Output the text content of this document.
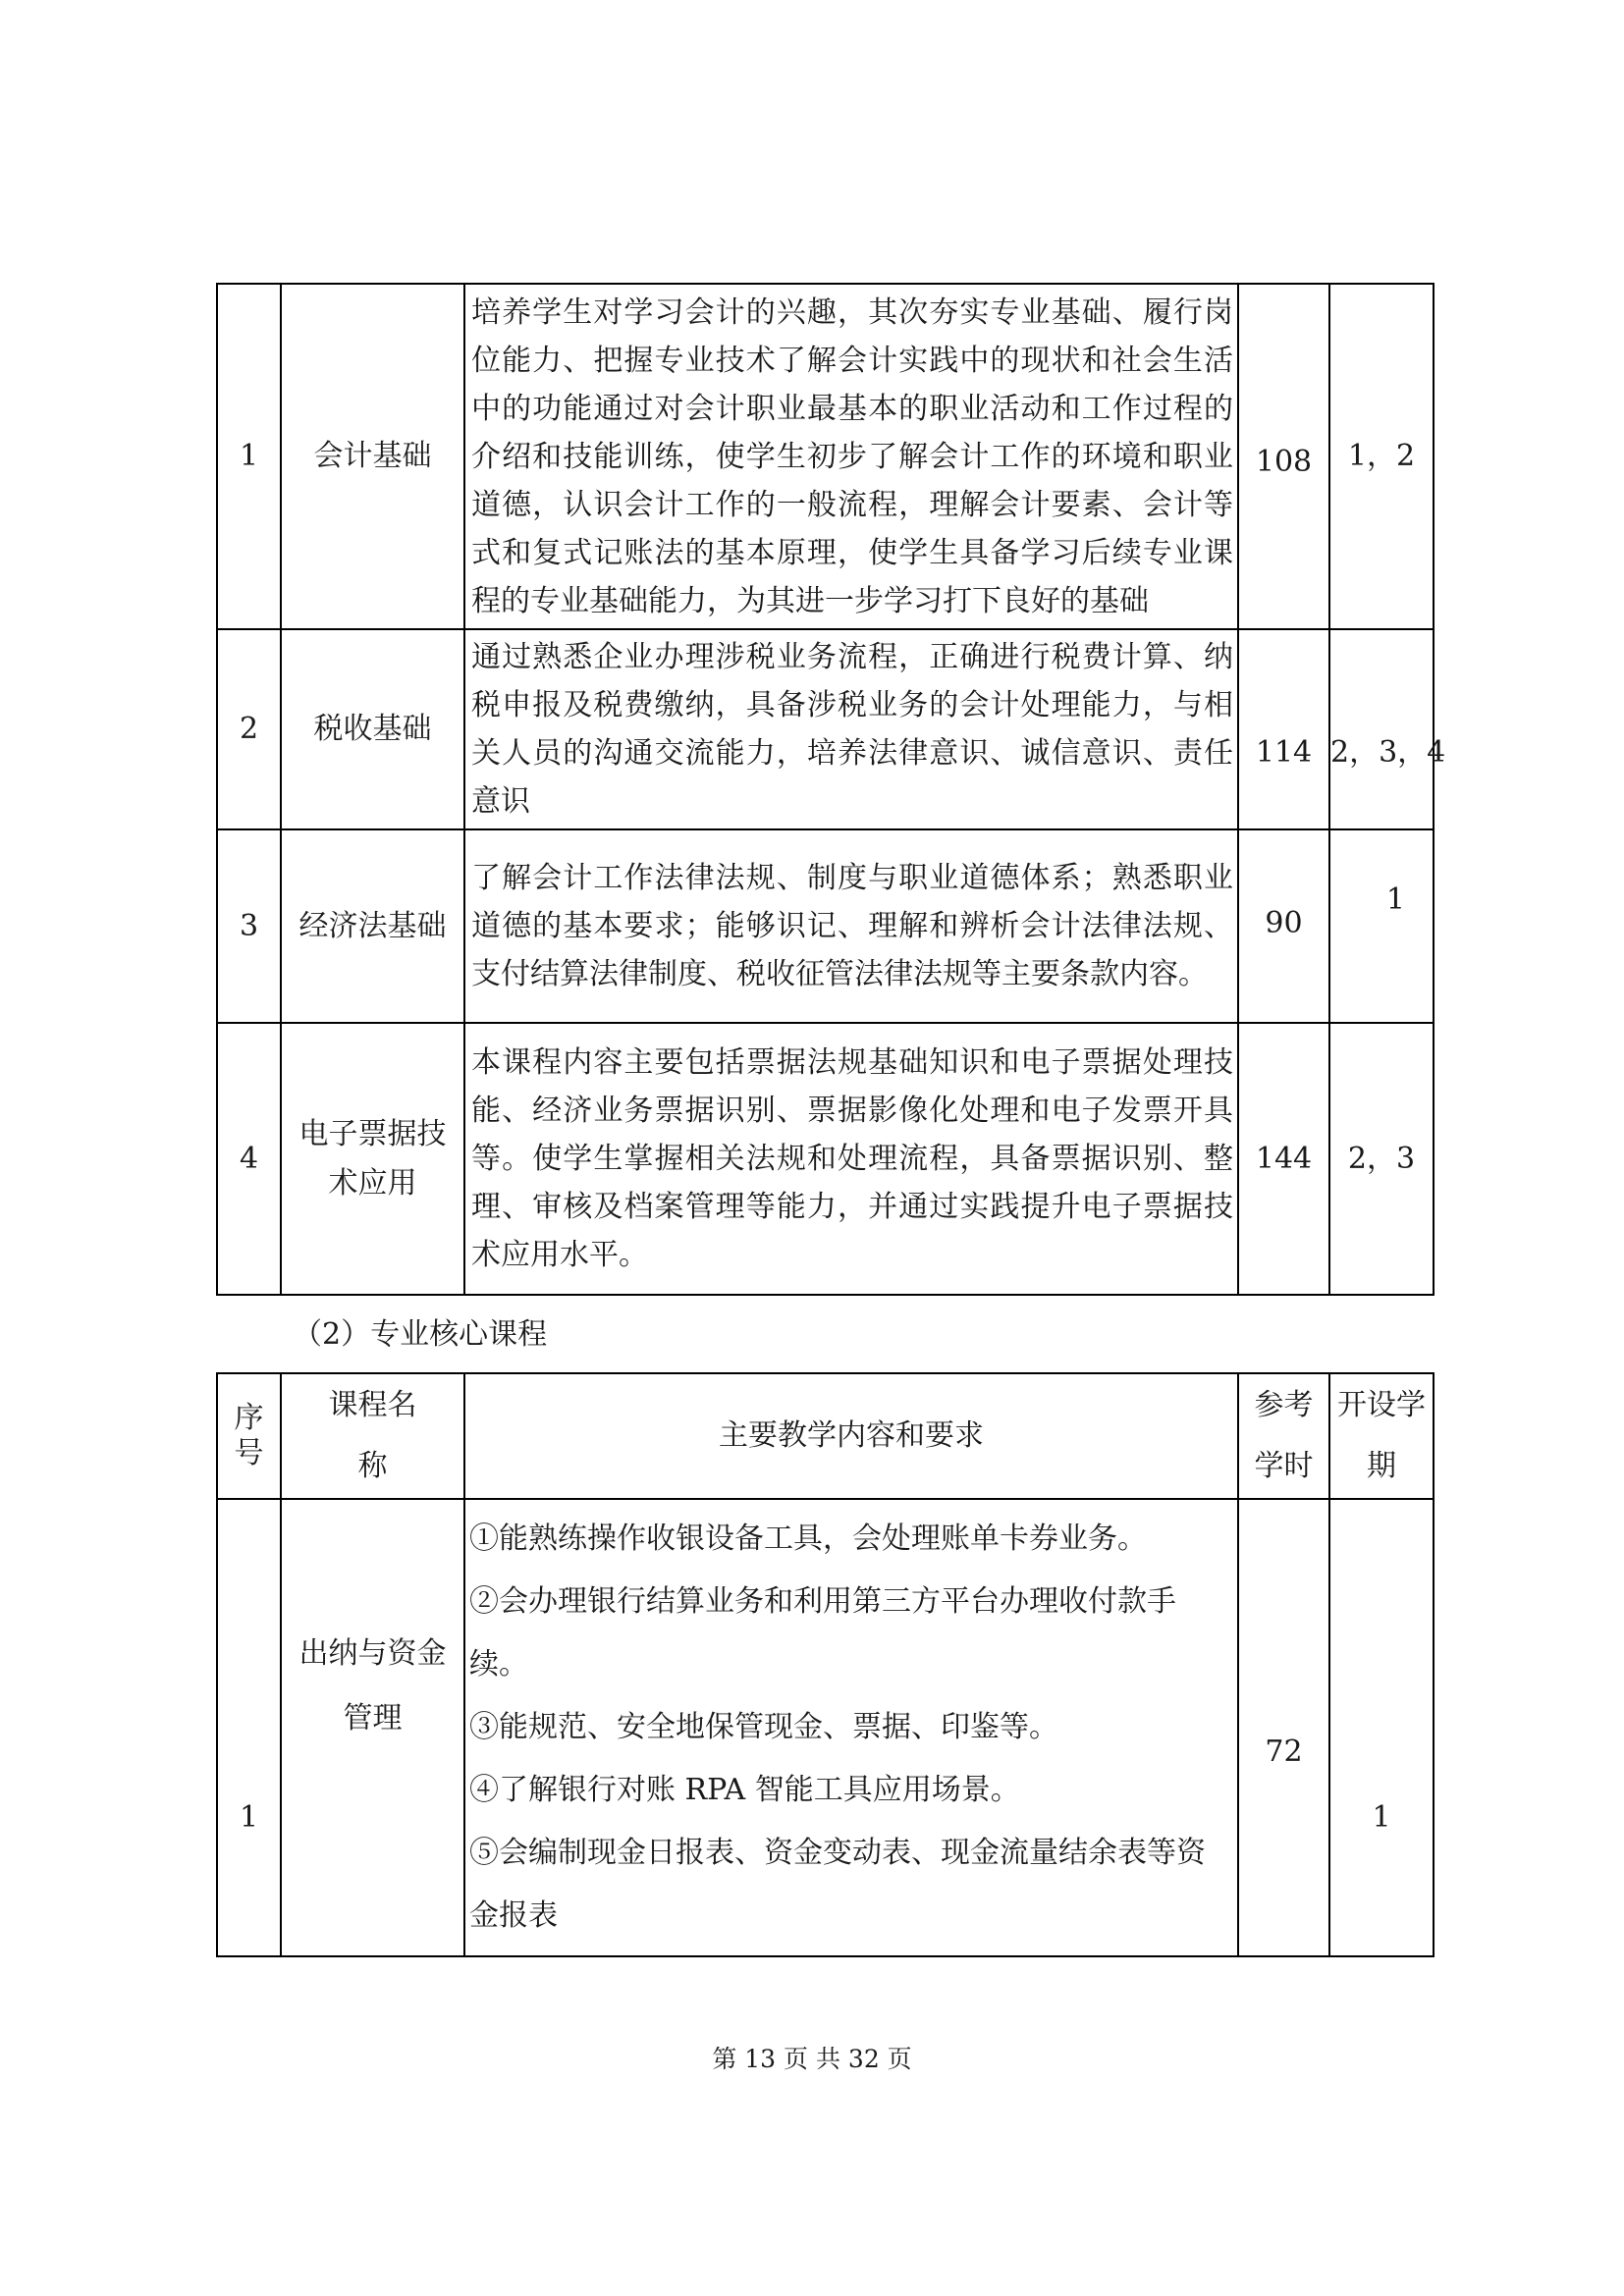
1	会计基础	培养学生对学习会计的兴趣，其次夯实专业基础、履行岗位能力、把握专业技术了解会计实践中的现状和社会生活中的功能通过对会计职业最基本的职业活动和工作过程的介绍和技能训练，使学生初步了解会计工作的环境和职业道德，认识会计工作的一般流程，理解会计要素、会计等式和复式记账法的基本原理，使学生具备学习后续专业课程的专业基础能力，为其进一步学习打下良好的基础	108	1，2
2	税收基础	通过熟悉企业办理涉税业务流程，正确进行税费计算、纳税申报及税费缴纳，具备涉税业务的会计处理能力，与相关人员的沟通交流能力，培养法律意识、诚信意识、责任意识	114	2，3，4
3	经济法基础	了解会计工作法律法规、制度与职业道德体系；熟悉职业道德的基本要求；能够识记、理解和辨析会计法律法规、支付结算法律制度、税收征管法律法规等主要条款内容。	90	1
4	电子票据技术应用	本课程内容主要包括票据法规基础知识和电子票据处理技能、经济业务票据识别、票据影像化处理和电子发票开具等。使学生掌握相关法规和处理流程，具备票据识别、整理、审核及档案管理等能力，并通过实践提升电子票据技术应用水平。	144	2，3
（2）专业核心课程
序号	课程名称	主要教学内容和要求	参考学时	开设学期
1	出纳与资金管理	①能熟练操作收银设备工具，会处理账单卡券业务。
②会办理银行结算业务和利用第三方平台办理收付款手续。
③能规范、安全地保管现金、票据、印鉴等。
④了解银行对账 RPA 智能工具应用场景。
⑤会编制现金日报表、资金变动表、现金流量结余表等资金报表	72	1
第 13 页 共 32 页
